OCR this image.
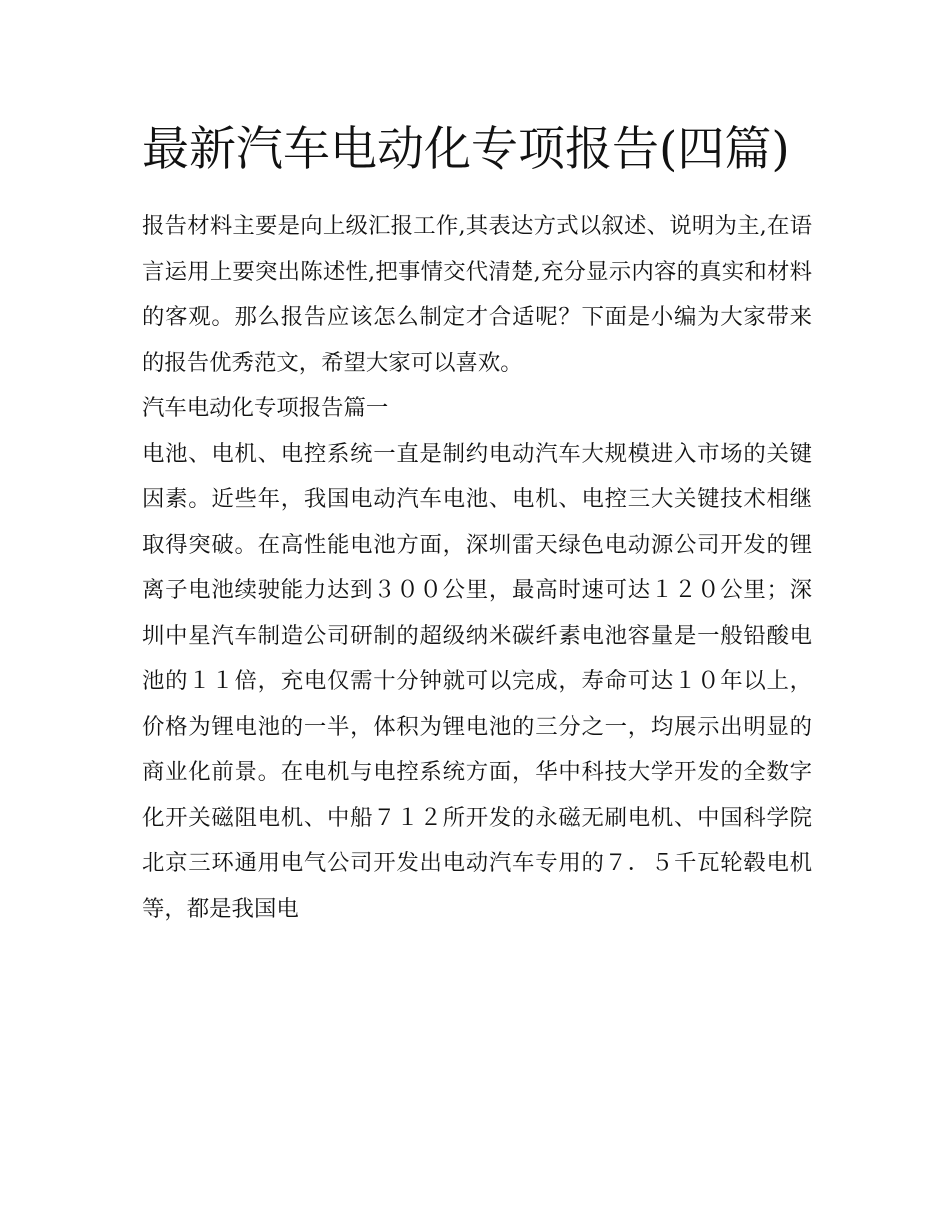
最新汽车电动化专项报告(四篇)

报告材料主要是向上级汇报工作,其表达方式以叙述、说明为主,在语言运用上要突出陈述性,把事情交代清楚,充分显示内容的真实和材料的客观。那么报告应该怎么制定才合适呢？下面是小编为大家带来的报告优秀范文，希望大家可以喜欢。

汽车电动化专项报告篇一

电池、电机、电控系统一直是制约电动汽车大规模进入市场的关键因素。近些年，我国电动汽车电池、电机、电控三大关键技术相继取得突破。在高性能电池方面，深圳雷天绿色电动源公司开发的锂离子电池续驶能力达到３００公里，最高时速可达１２０公里；深圳中星汽车制造公司研制的超级纳米碳纤素电池容量是一般铅酸电池的１１倍，充电仅需十分钟就可以完成，寿命可达１０年以上，价格为锂电池的一半，体积为锂电池的三分之一，均展示出明显的商业化前景。在电机与电控系统方面，华中科技大学开发的全数字化开关磁阻电机、中船７１２所开发的永磁无刷电机、中国科学院北京三环通用电气公司开发出电动汽车专用的７．５千瓦轮毂电机等，都是我国电
